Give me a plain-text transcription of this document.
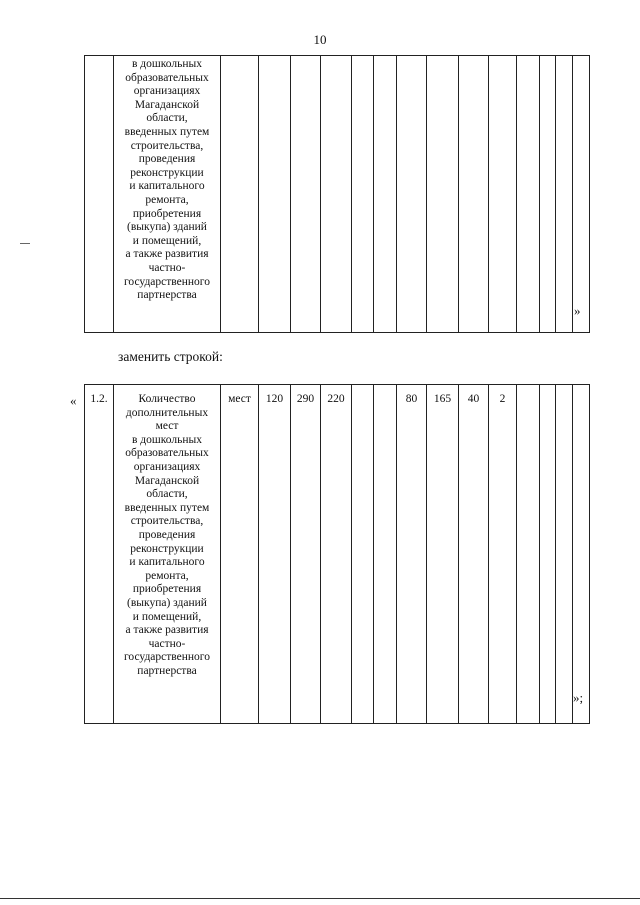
10
	в дошкольных
образовательных
организациях
Магаданской
области,
введенных путем
строительства,
проведения
реконструкции
и капитального
ремонта,
приобретения
(выкупа) зданий
и помещений,
а также развития
частно-
государственного
партнерства														
»
заменить строкой:
« 1.2.	Количество
дополнительных
мест
в дошкольных
образовательных
организациях
Магаданской
области,
введенных путем
строительства,
проведения
реконструкции
и капитального
ремонта,
приобретения
(выкупа) зданий
и помещений,
а также развития
частно-
государственного
партнерства	мест	120	290	220			80	165	40	2				
»;
